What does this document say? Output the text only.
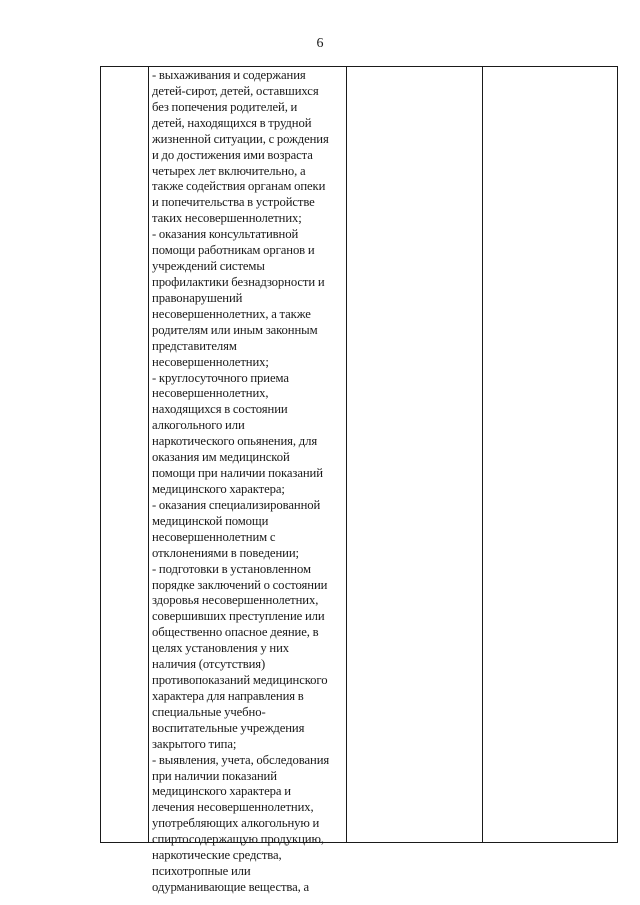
6
- выхаживания и содержания
детей-сирот, детей, оставшихся
без попечения родителей, и
детей, находящихся в трудной
жизненной ситуации, с рождения
и до достижения ими возраста
четырех лет включительно, а
также содействия органам опеки
и попечительства в устройстве
таких несовершеннолетних;
- оказания консультативной
помощи работникам органов и
учреждений системы
профилактики безнадзорности и
правонарушений
несовершеннолетних, а также
родителям или иным законным
представителям
несовершеннолетних;
- круглосуточного приема
несовершеннолетних,
находящихся в состоянии
алкогольного или
наркотического опьянения, для
оказания им медицинской
помощи при наличии показаний
медицинского характера;
- оказания специализированной
медицинской помощи
несовершеннолетним с
отклонениями в поведении;
- подготовки в установленном
порядке заключений о состоянии
здоровья несовершеннолетних,
совершивших преступление или
общественно опасное деяние, в
целях установления у них
наличия (отсутствия)
противопоказаний медицинского
характера для направления в
специальные учебно-
воспитательные учреждения
закрытого типа;
- выявления, учета, обследования
при наличии показаний
медицинского характера и
лечения несовершеннолетних,
употребляющих алкогольную и
спиртосодержащую продукцию,
наркотические средства,
психотропные или
одурманивающие вещества, а
